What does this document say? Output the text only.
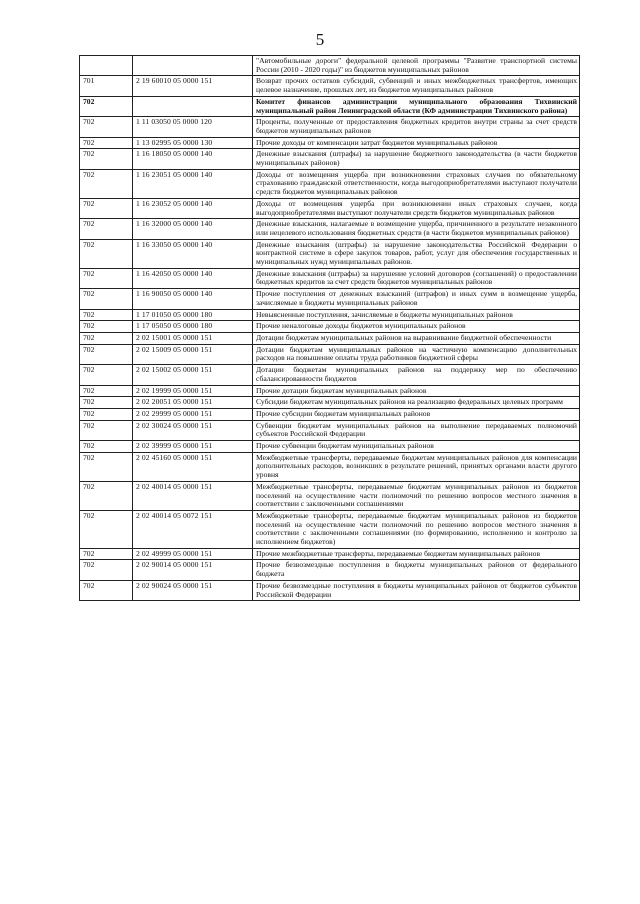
5
		"Автомобильные дороги" федеральной целевой программы "Развитие транспортной системы России (2010 - 2020 годы)" из бюджетов муниципальных районов
701	2 19 60010 05 0000 151	Возврат прочих остатков субсидий, субвенций и иных межбюджетных трансфертов, имеющих целевое назначение, прошлых лет, из бюджетов муниципальных районов
702		Комитет финансов администрации муниципального образования Тихвинский муниципальный район Ленинградской области (КФ администрации Тихвинского района)
702	1 11 03050 05 0000 120	Проценты, полученные от предоставления бюджетных кредитов внутри страны за счет средств бюджетов муниципальных районов
702	1 13 02995 05 0000 130	Прочие доходы от компенсации затрат бюджетов муниципальных районов
702	1 16 18050 05 0000 140	Денежные взыскания (штрафы) за нарушение бюджетного законодательства (в части бюджетов муниципальных районов)
702	1 16 23051 05 0000 140	Доходы от возмещения ущерба при возникновении страховых случаев по обязательному страхованию гражданской ответственности, когда выгодоприобретателями выступают получатели средств бюджетов муниципальных районов
702	1 16 23052 05 0000 140	Доходы от возмещения ущерба при возникновении иных страховых случаев, когда выгодоприобретателями выступают получатели средств бюджетов муниципальных районов
702	1 16 32000 05 0000 140	Денежные взыскания, налагаемые в возмещение ущерба, причиненного в результате незаконного или нецелевого использования бюджетных средств (в части бюджетов муниципальных районов)
702	1 16 33050 05 0000 140	Денежные взыскания (штрафы) за нарушение законодательства Российской Федерации о контрактной системе в сфере закупок товаров, работ, услуг для обеспечения государственных и муниципальных нужд муниципальных районов.
702	1 16 42050 05 0000 140	Денежные взыскания (штрафы) за нарушение условий договоров (соглашений) о предоставлении бюджетных кредитов за счет средств бюджетов муниципальных районов
702	1 16 90050 05 0000 140	Прочие поступления от денежных взысканий (штрафов) и иных сумм в возмещение ущерба, зачисляемые в бюджеты муниципальных районов
702	1 17 01050 05 0000 180	Невыясненные поступления, зачисляемые в бюджеты муниципальных районов
702	1 17 05050 05 0000 180	Прочие неналоговые доходы бюджетов муниципальных районов
702	2 02 15001 05 0000 151	Дотации бюджетам муниципальных районов на выравнивание бюджетной обеспеченности
702	2 02 15009 05 0000 151	Дотации бюджетам муниципальных районов на частичную компенсацию дополнительных расходов на повышение оплаты труда работников бюджетной сферы
702	2 02 15002 05 0000 151	Дотации бюджетам муниципальных районов на поддержку мер по обеспечению сбалансированности бюджетов
702	2 02 19999 05 0000 151	Прочие дотации бюджетам муниципальных районов
702	2 02 20051 05 0000 151	Субсидии бюджетам муниципальных районов на реализацию федеральных целевых программ
702	2 02 29999 05 0000 151	Прочие субсидии бюджетам муниципальных районов
702	2 02 30024 05 0000 151	Субвенции бюджетам муниципальных районов на выполнение передаваемых полномочий субъектов Российской Федерации
702	2 02 39999 05 0000 151	Прочие субвенции бюджетам муниципальных районов
702	2 02 45160 05 0000 151	Межбюджетные трансферты, передаваемые бюджетам муниципальных районов для компенсации дополнительных расходов, возникших в результате решений, принятых органами власти другого уровня
702	2 02 40014 05 0000 151	Межбюджетные трансферты, передаваемые бюджетам муниципальных районов из бюджетов поселений на осуществление части полномочий по решению вопросов местного значения в соответствии с заключенными соглашениями
702	2 02 40014 05 0072 151	Межбюджетные трансферты, передаваемые бюджетам муниципальных районов из бюджетов поселений на осуществление части полномочий по решению вопросов местного значения в соответствии с заключенными соглашениями (по формированию, исполнению и контролю за исполнением бюджетов)
702	2 02 49999 05 0000 151	Прочие межбюджетные трансферты, передаваемые бюджетам муниципальных районов
702	2 02 90014 05 0000 151	Прочие безвозмездные поступления в бюджеты муниципальных районов от федерального бюджета
702	2 02 90024 05 0000 151	Прочие безвозмездные поступления в бюджеты муниципальных районов от бюджетов субъектов Российской Федерации
